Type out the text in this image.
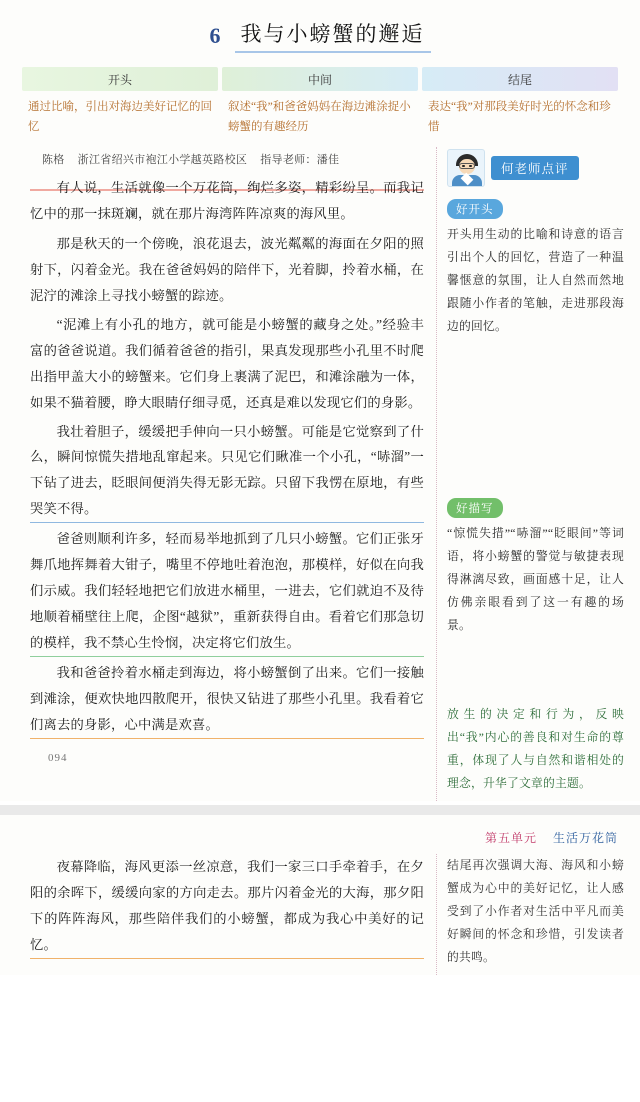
6 我与小螃蟹的邂逅
开头
通过比喻，引出对海边美好记忆的回忆
中间
叙述“我”和爸爸妈妈在海边滩涂捉小螃蟹的有趣经历
结尾
表达“我”对那段美好时光的怀念和珍惜
陈格 浙江省绍兴市袍江小学越英路校区 指导老师：潘佳

有人说，生活就像一个万花筒，绚烂多姿，精彩纷呈。而我记忆中的那一抹斑斓，就在那片海湾阵阵凉爽的海风里。

那是秋天的一个傍晚，浪花退去，波光粼粼的海面在夕阳的照射下，闪着金光。我在爸爸妈妈的陪伴下，光着脚，拎着水桶，在泥泞的滩涂上寻找小螃蟹的踪迹。

“泥滩上有小孔的地方，就可能是小螃蟹的藏身之处。”经验丰富的爸爸说道。我们循着爸爸的指引，果真发现那些小孔里不时爬出指甲盖大小的螃蟹来。它们身上裹满了泥巴，和滩涂融为一体，如果不猫着腰，睁大眼睛仔细寻觅，还真是难以发现它们的身影。

我壮着胆子，缓缓把手伸向一只小螃蟹。可能是它觉察到了什么，瞬间惊慌失措地乱窜起来。只见它们瞅准一个小孔，“哧溜”一下钻了进去，眨眼间便消失得无影无踪。只留下我愣在原地，有些哭笑不得。

爸爸则顺利许多，轻而易举地抓到了几只小螃蟹。它们正张牙舞爪地挥舞着大钳子，嘴里不停地吐着泡泡，那模样，好似在向我们示威。我们轻轻地把它们放进水桶里，一进去，它们就迫不及待地顺着桶壁往上爬，企图“越狱”，重新获得自由。看着它们那急切的模样，我不禁心生怜悯，决定将它们放生。

我和爸爸拎着水桶走到海边，将小螃蟹倒了出来。它们一接触到滩涂，便欢快地四散爬开，很快又钻进了那些小孔里。我看着它们离去的身影，心中满是欢喜。

094
何老师点评
好开头

开头用生动的比喻和诗意的语言引出个人的回忆，营造了一种温馨惬意的氛围，让人自然而然地跟随小作者的笔触，走进那段海边的回忆。

好描写

“惊慌失措”“哧溜”“眨眼间”等词语，将小螃蟹的警觉与敏捷表现得淋漓尽致，画面感十足，让人仿佛亲眼看到了这一有趣的场景。

放生的决定和行为，反映出“我”内心的善良和对生命的尊重，体现了人与自然和谐相处的理念，升华了文章的主题。

第五单元 生活万花筒

夜幕降临，海风更添一丝凉意，我们一家三口手牵着手，在夕阳的余晖下，缓缓向家的方向走去。那片闪着金光的大海，那夕阳下的阵阵海风，那些陪伴我们的小螃蟹，都成为我心中美好的记忆。

结尾再次强调大海、海风和小螃蟹成为心中的美好记忆，让人感受到了小作者对生活中平凡而美好瞬间的怀念和珍惜，引发读者的共鸣。
